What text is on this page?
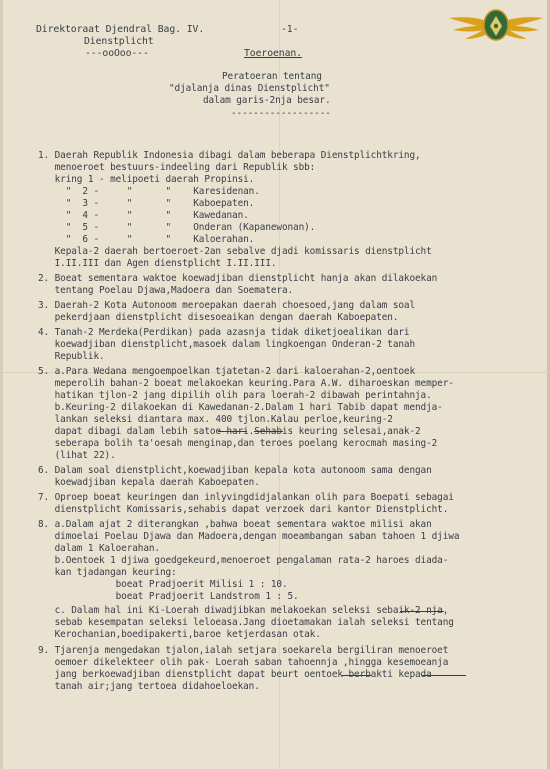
Direktoraat Djendral Bag. IV.
Dienstplicht
---ooOoo---
-1-
Toeroenan.
Peratoeran tentang
"djalanja dinas Dienstplicht"
dalam garis-2nja besar.
------------------
1. Daerah Republik Indonesia dibagi dalam beberapa Dienstplichtkring,
menoeroet bestuurs-indeeling dari Republik sbb:
kring 1 - melipoeti daerah Propinsi.
"  2 -     "      "    Karesidenan.
"  3 -     "      "    Kaboepaten.
"  4 -     "      "    Kawedanan.
"  5 -     "      "    Onderan (Kapanewonan).
"  6 -     "      "    Kaloerahan.
Kepala-2 daerah bertoeroet-2an sebalve djadi komissaris dienstplicht
I.II.III dan Agen dienstplicht I.II.III.
2. Boeat sementara waktoe koewadjiban dienstplicht hanja akan dilakoekan
tentang Poelau Djawa,Madoera dan Soematera.
3. Daerah-2 Kota Autonoom meroepakan daerah choesoed,jang dalam soal
pekerdjaan dienstplicht disesoeaikan dengan daerah Kaboepaten.
4. Tanah-2 Merdeka(Perdikan) pada azasnja tidak diketjoealikan dari
koewadjiban dienstplicht,masoek dalam lingkoengan Onderan-2 tanah
Republik.
5. a.Para Wedana mengoempoelkan tjatetan-2 dari kaloerahan-2,oentoek
meperolih bahan-2 boeat melakoekan keuring.Para A.W. diharoeskan memper-
hatikan tjlon-2 jang dipilih olih para loerah-2 dibawah perintahnja.
b.Keuring-2 dilakoekan di Kawedanan-2.Dalam 1 hari Tabib dapat mendja-
lankan seleksi diantara max. 400 tjlon.Kalau perloe,keuring-2
dapat dibagi dalam lebih satoe hari.Sehabis keuring selesai,anak-2
seberapa bolih ta'oesah menginap,dan teroes poelang kerocmah masing-2
(lihat 22).
6. Dalam soal dienstplicht,koewadjiban kepala kota autonoom sama dengan
koewadjiban kepala daerah Kaboepaten.
7. Oproep boeat keuringen dan inlyvingdidjalankan olih para Boepati sebagai
dienstplicht Komissaris,sehabis dapat verzoek dari kantor Dienstplicht.
8. a.Dalam ajat 2 diterangkan ,bahwa boeat sementara waktoe milisi akan
dimoelai Poelau Djawa dan Madoera,dengan moeambangan saban tahoen 1 djiwa
dalam 1 Kaloerahan.
b.Oentoek 1 djiwa goedgekeurd,menoeroet pengalaman rata-2 haroes diada-
kan tjadangan keuring:
boeat Pradjoerit Milisi 1 : 10.
boeat Pradjoerit Landstrom 1 : 5.
c. Dalam hal ini Ki-Loerah diwadjibkan melakoekan seleksi sebaik-2 nja,
sebab kesempatan seleksi leloeasa.Jang dioetamakan ialah seleksi tentang
Kerochanian,boedipakerti,baroe ketjerdasan otak.
9. Tjarenja mengedakan tjalon,ialah setjara soekarela bergiliran menoeroet
oemoer dikelekteer olih pak- Loerah saban tahoennja ,hingga kesemoeanja
jang berkoewadjiban dienstplicht dapat beurt oentoek berbakti kepada
tanah air;jang tertoea didahoeloekan.
